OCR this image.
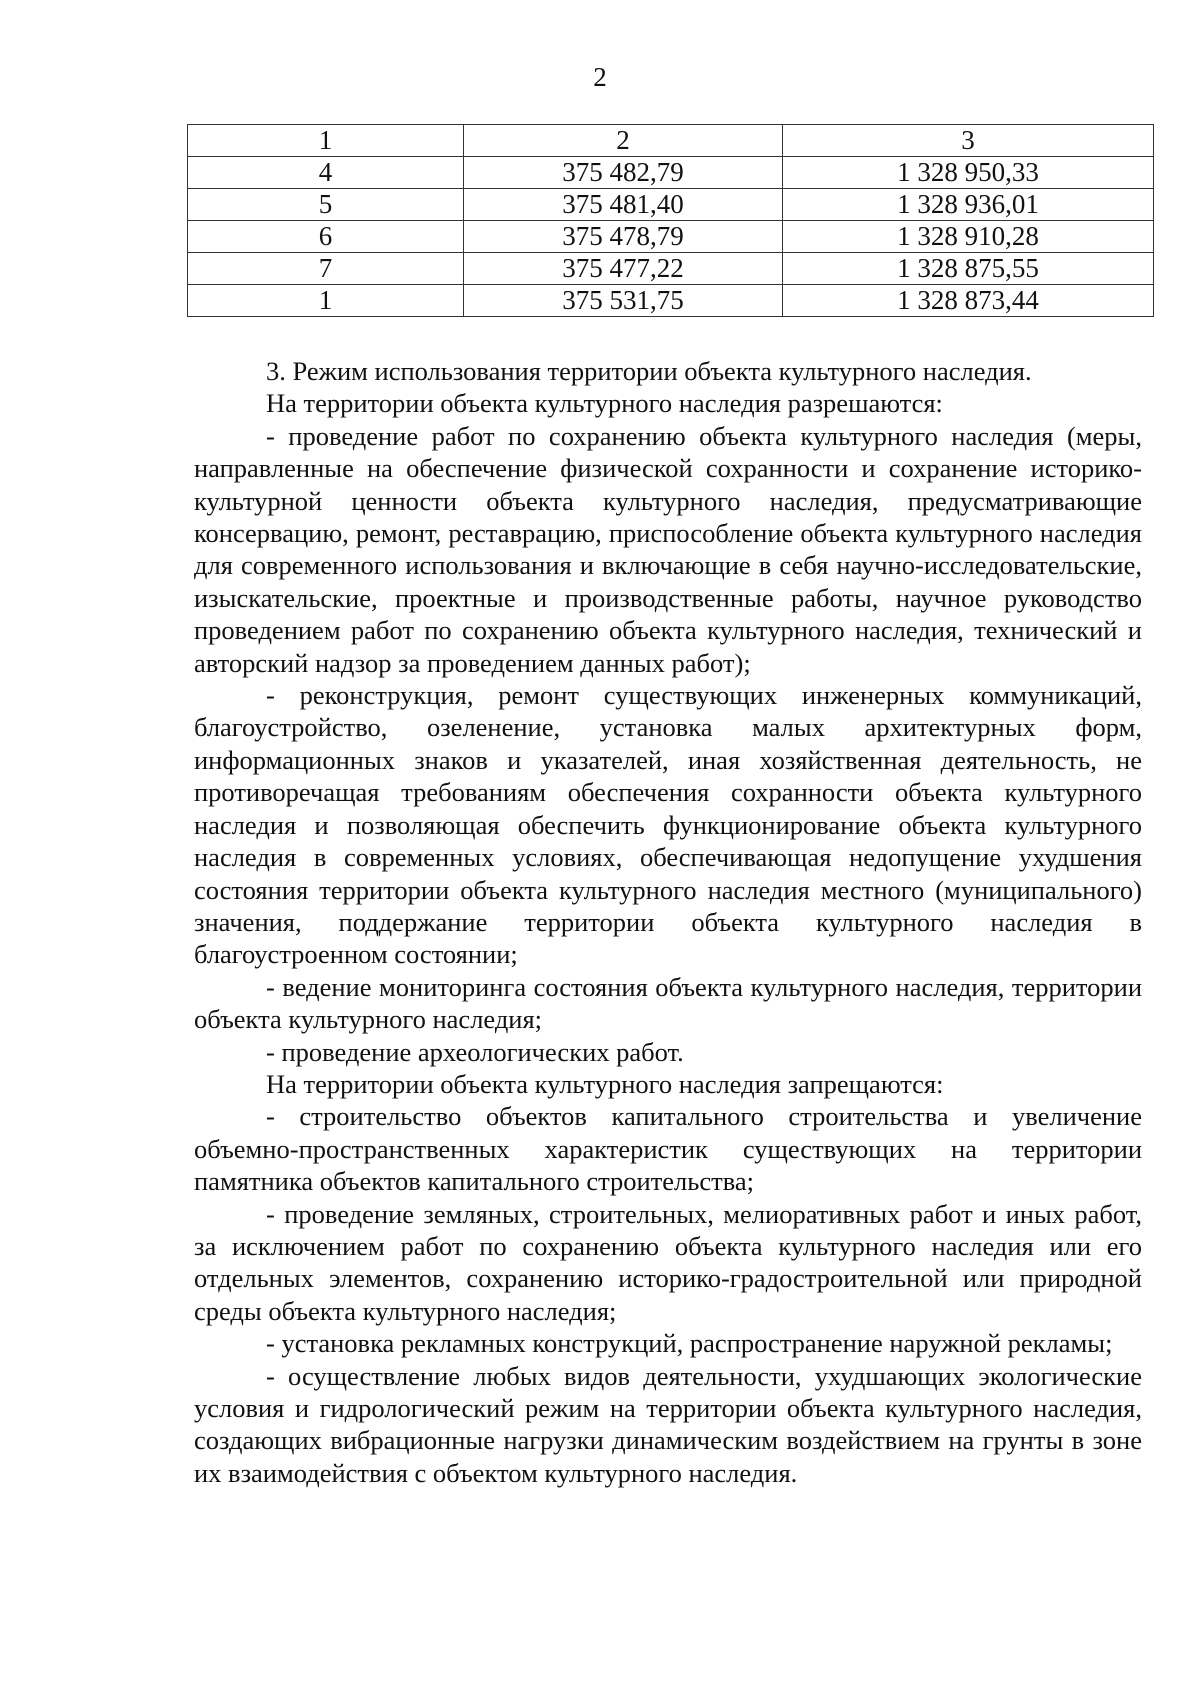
2
1	2	3
4	375 482,79	1 328 950,33
5	375 481,40	1 328 936,01
6	375 478,79	1 328 910,28
7	375 477,22	1 328 875,55
1	375 531,75	1 328 873,44

3. Режим использования территории объекта культурного наследия.

На территории объекта культурного наследия разрешаются:

- проведение работ по сохранению объекта культурного наследия (меры, направленные на обеспечение физической сохранности и сохранение историко-культурной ценности объекта культурного наследия, предусматривающие консервацию, ремонт, реставрацию, приспособление объекта культурного наследия для современного использования и включающие в себя научно-исследовательские, изыскательские, проектные и производственные работы, научное руководство проведением работ по сохранению объекта культурного наследия, технический и авторский надзор за проведением данных работ);

- реконструкция, ремонт существующих инженерных коммуникаций, благоустройство, озеленение, установка малых архитектурных форм, информационных знаков и указателей, иная хозяйственная деятельность, не противоречащая требованиям обеспечения сохранности объекта культурного наследия и позволяющая обеспечить функционирование объекта культурного наследия в современных условиях, обеспечивающая недопущение ухудшения состояния территории объекта культурного наследия местного (муниципального) значения, поддержание территории объекта культурного наследия в благоустроенном состоянии;

- ведение мониторинга состояния объекта культурного наследия, территории объекта культурного наследия;

- проведение археологических работ.

На территории объекта культурного наследия запрещаются:

- строительство объектов капитального строительства и увеличение объемно-пространственных характеристик существующих на территории памятника объектов капитального строительства;

- проведение земляных, строительных, мелиоративных работ и иных работ, за исключением работ по сохранению объекта культурного наследия или его отдельных элементов, сохранению историко-градостроительной или природной среды объекта культурного наследия;

- установка рекламных конструкций, распространение наружной рекламы;

- осуществление любых видов деятельности, ухудшающих экологические условия и гидрологический режим на территории объекта культурного наследия, создающих вибрационные нагрузки динамическим воздействием на грунты в зоне их взаимодействия с объектом культурного наследия.
